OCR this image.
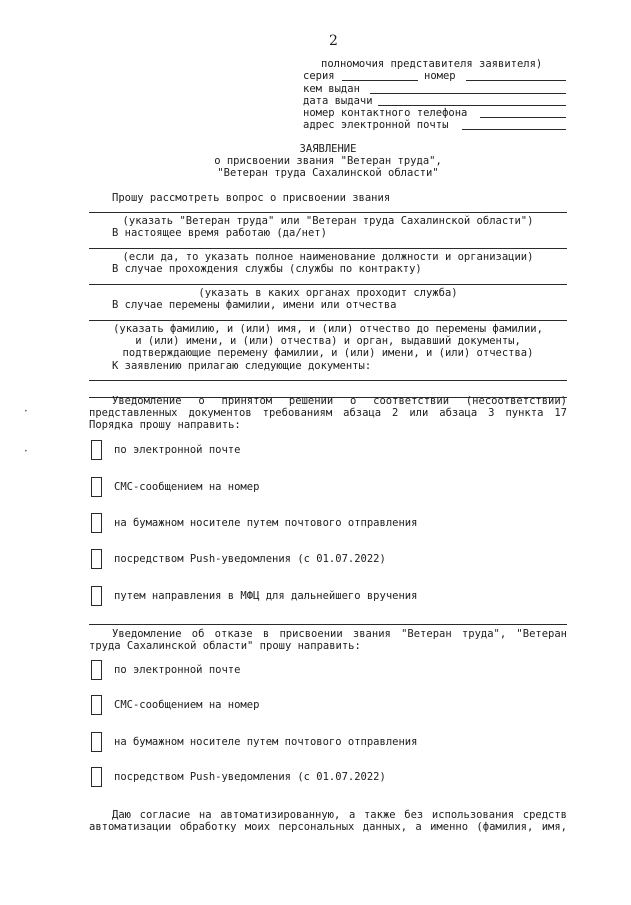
2
полномочия представителя заявителя)
серия	номер
кем выдан
дата выдачи
номер контактного телефона
адрес электронной почты
ЗАЯВЛЕНИЕ
о присвоении звания "Ветеран труда",
"Ветеран труда Сахалинской области"
Прошу рассмотреть вопрос о присвоении звания
(указать "Ветеран труда" или "Ветеран труда Сахалинской области")
В настоящее время работаю (да/нет)
(если да, то указать полное наименование должности и организации)
В случае прохождения службы (службы по контракту)
(указать в каких органах проходит служба)
В случае перемены фамилии, имени или отчества
(указать фамилию, и (или) имя, и (или) отчество до перемены фамилии,
и (или) имени, и (или) отчества) и орган, выдавший документы,
подтверждающие перемену фамилии, и (или) имени, и (или) отчества)
К заявлению прилагаю следующие документы:
Уведомление о принятом решении о соответствии (несоответствии)
представленных документов требованиям абзаца 2 или абзаца 3 пункта 17
Порядка прошу направить:
по электронной почте
СМС-сообщением на номер
на бумажном носителе путем почтового отправления
посредством Push-уведомления (с 01.07.2022)
путем направления в МФЦ для дальнейшего вручения
Уведомление об отказе в присвоении звания "Ветеран труда", "Ветеран
труда Сахалинской области" прошу направить:
по электронной почте
СМС-сообщением на номер
на бумажном носителе путем почтового отправления
посредством Push-уведомления (с 01.07.2022)
Даю согласие на автоматизированную, а также без использования средств
автоматизации обработку моих персональных данных, а именно (фамилия, имя,
•
•
